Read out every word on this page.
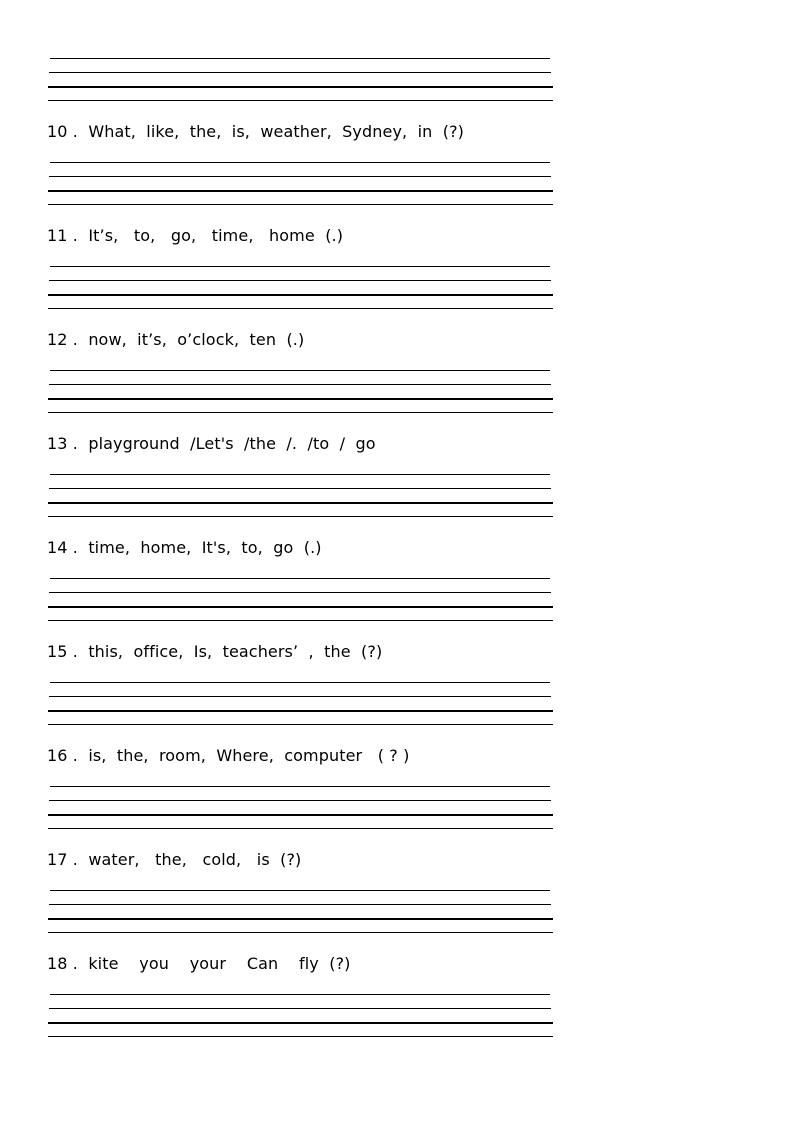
10 .  What,  like,  the,  is,  weather,  Sydney,  in  (?)
11 .  It’s,   to,   go,   time,   home  (.)
12 .  now,  it’s,  o’clock,  ten  (.)
13 .  playground  /Let's  /the  /.  /to  /  go
14 .  time,  home,  It's,  to,  go  (.)
15 .  this,  office,  Is,  teachers’  ,  the  (?)
16 .  is,  the,  room,  Where,  computer   ( ? )
17 .  water,   the,   cold,   is  (?)
18 .  kite    you    your    Can    fly  (?)
